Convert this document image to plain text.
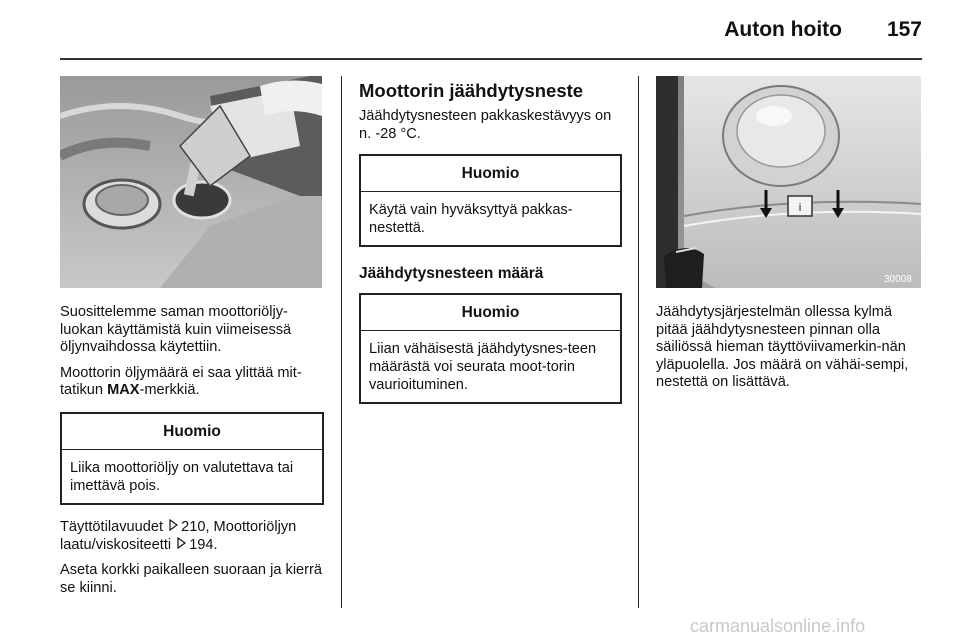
Auton hoito 157

Suosittelemme saman moottoriöljy-luokan käyttämistä kuin viimeisessä öljynvaihdossa käytettiin.

Moottorin öljymäärä ei saa ylittää mit-tatikun MAX-merkkiä.

Huomio
Liika moottoriöljy on valutettava tai imettävä pois.

Täyttötilavuudet 210, Moottoriöljyn laatu/viskositeetti 194.

Aseta korkki paikalleen suoraan ja kierrä se kiinni.

Moottorin jäähdytysneste

Jäähdytysnesteen pakkaskestävyys on n. -28 °C.

Huomio
Käytä vain hyväksyttyä pakkas-nestettä.
Jäähdytysnesteen määrä
Huomio
Liian vähäisestä jäähdytysnes-teen määrästä voi seurata moot-torin vaurioituminen.
i
30008

Jäähdytysjärjestelmän ollessa kylmä pitää jäähdytysnesteen pinnan olla säiliössä hieman täyttöviivamerkin-nän yläpuolella. Jos määrä on vähäi-sempi, nestettä on lisättävä.

carmanualsonline.info
